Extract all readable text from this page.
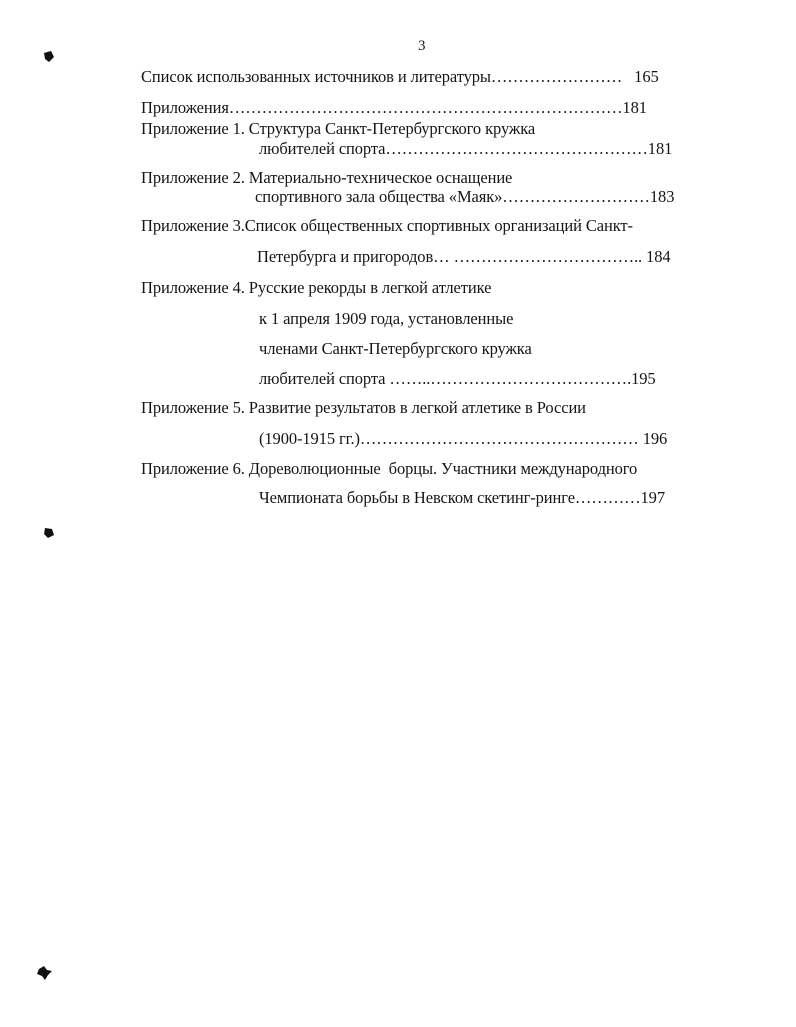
3
Список использованных источников и литературы……………………   165
Приложения………………………………………………………………181
Приложение 1. Структура Санкт-Петербургского кружка
любителей спорта…………………………………………181
Приложение 2. Материально-техническое оснащение
спортивного зала общества «Маяк»………………………183
Приложение 3.Список общественных спортивных организаций Санкт-
Петербурга и пригородов… …………………………….. 184
Приложение 4. Русские рекорды в легкой атлетике
к 1 апреля 1909 года, установленные
членами Санкт-Петербургского кружка
любителей спорта ……..……………………………….195
Приложение 5. Развитие результатов в легкой атлетике в России
(1900-1915 гг.)…………………………………………… 196
Приложение 6. Дореволюционные  борцы. Участники международного
Чемпионата борьбы в Невском скетинг-ринге…………197
